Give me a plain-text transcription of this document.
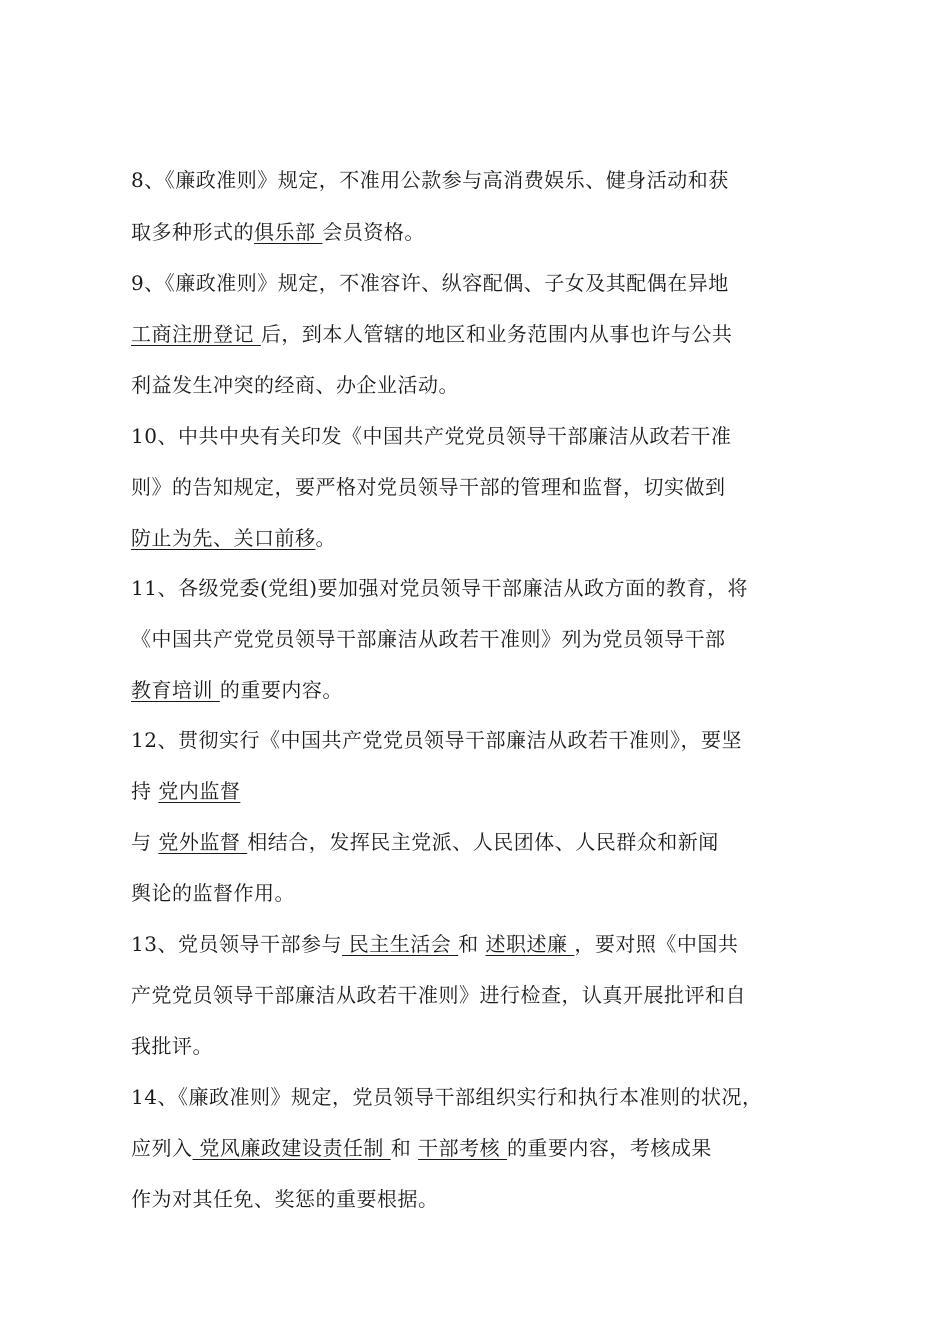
8、《廉政准则》规定，不准用公款参与高消费娱乐、健身活动和获
取多种形式的俱乐部 会员资格。
9、《廉政准则》规定，不准容许、纵容配偶、子女及其配偶在异地
工商注册登记 后，到本人管辖的地区和业务范围内从事也许与公共
利益发生冲突的经商、办企业活动。
10、中共中央有关印发《中国共产党党员领导干部廉洁从政若干准
则》的告知规定，要严格对党员领导干部的管理和监督，切实做到
防止为先、关口前移。
11、各级党委(党组)要加强对党员领导干部廉洁从政方面的教育，将
《中国共产党党员领导干部廉洁从政若干准则》列为党员领导干部
教育培训 的重要内容。
12、贯彻实行《中国共产党党员领导干部廉洁从政若干准则》，要坚
持 党内监督
与 党外监督 相结合，发挥民主党派、人民团体、人民群众和新闻
舆论的监督作用。
13、党员领导干部参与 民主生活会 和 述职述廉 ，要对照《中国共
产党党员领导干部廉洁从政若干准则》进行检查，认真开展批评和自
我批评。
14、《廉政准则》规定，党员领导干部组织实行和执行本准则的状况，
应列入 党风廉政建设责任制 和 干部考核 的重要内容，考核成果
作为对其任免、奖惩的重要根据。
